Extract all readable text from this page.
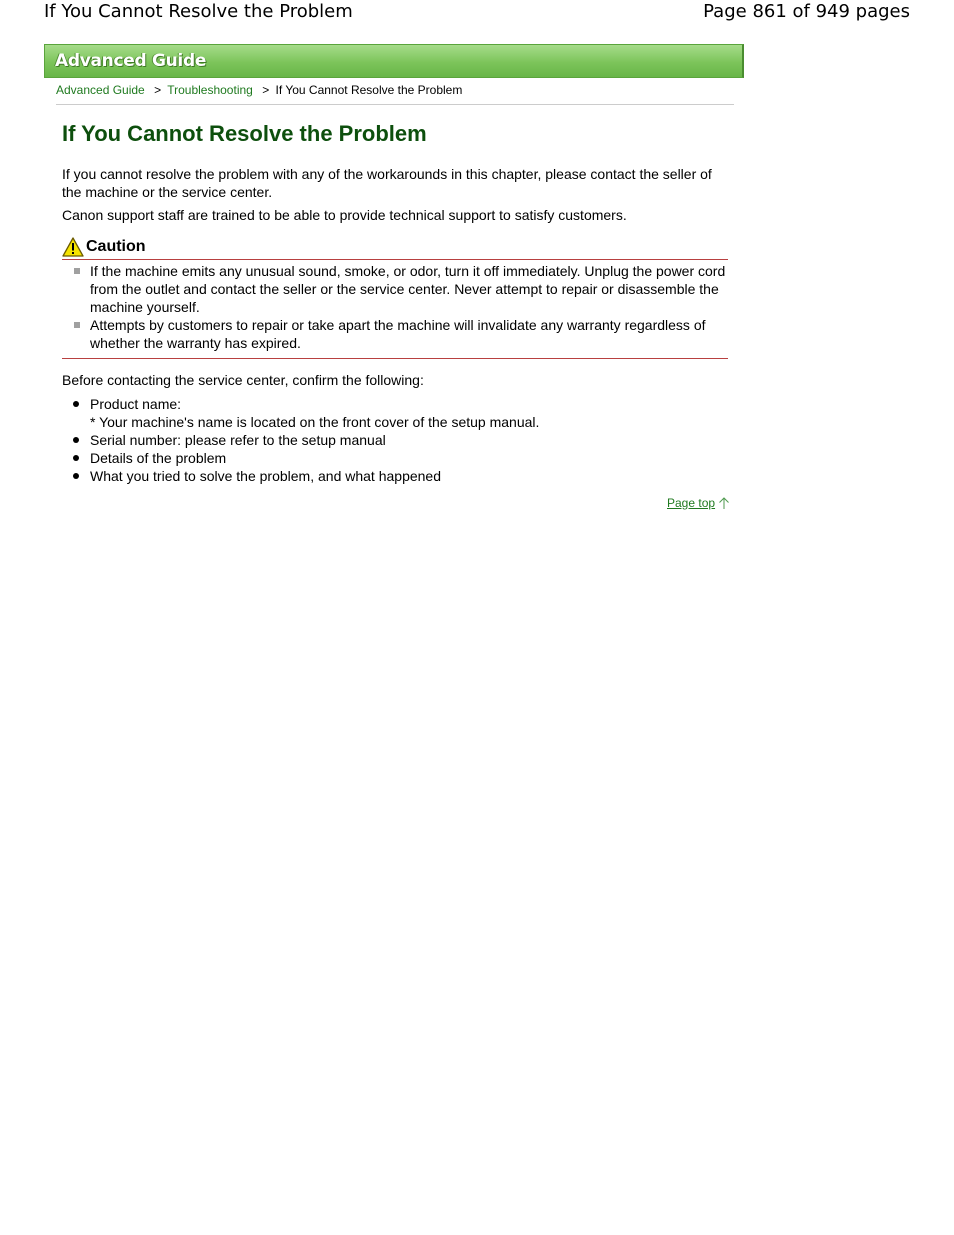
If You Cannot Resolve the Problem	Page 861 of 949 pages
Advanced Guide
Advanced Guide > Troubleshooting > If You Cannot Resolve the Problem
If You Cannot Resolve the Problem

If you cannot resolve the problem with any of the workarounds in this chapter, please contact the seller of the machine or the service center.

Canon support staff are trained to be able to provide technical support to satisfy customers.

Caution
If the machine emits any unusual sound, smoke, or odor, turn it off immediately. Unplug the power cord from the outlet and contact the seller or the service center. Never attempt to repair or disassemble the machine yourself.
Attempts by customers to repair or take apart the machine will invalidate any warranty regardless of whether the warranty has expired.

Before contacting the service center, confirm the following:

Product name:
* Your machine's name is located on the front cover of the setup manual.
Serial number: please refer to the setup manual
Details of the problem
What you tried to solve the problem, and what happened
Page top
